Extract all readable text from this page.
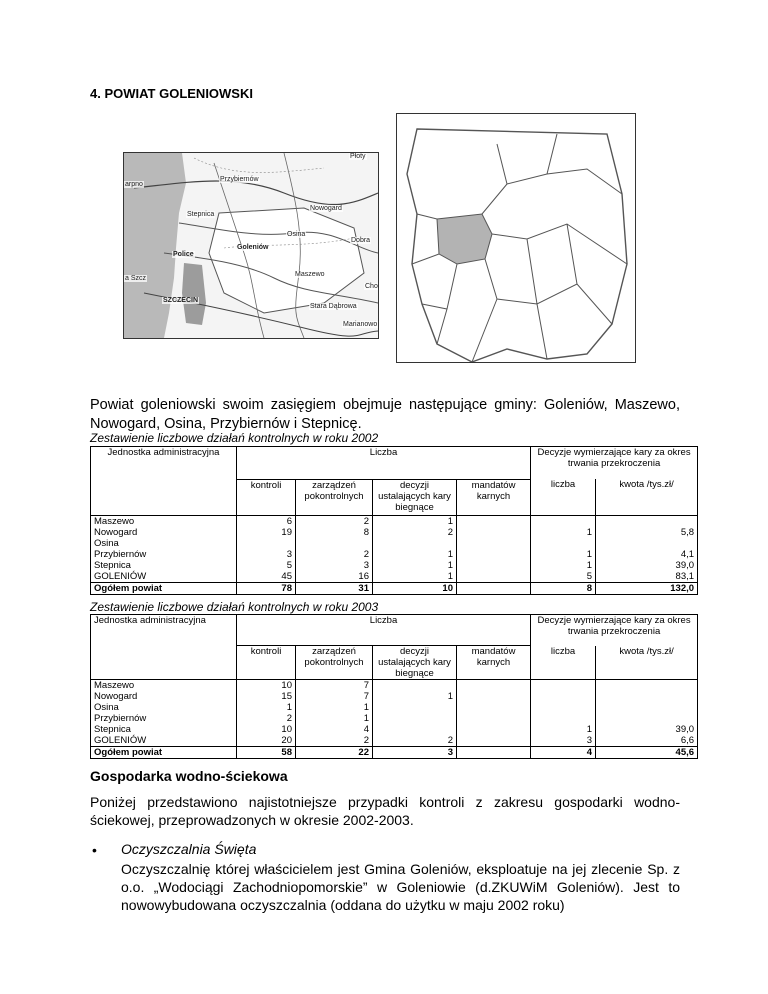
4. POWIAT GOLENIOWSKI
Płoty
Przybiernów
arpno
Nowogard
Stepnica
Osina
Dobra
Goleniów
Police
Maszewo
a Szcz
Cho
SZCZECIN
Stara Dąbrowa
Marianowo
Powiat goleniowski swoim zasięgiem obejmuje następujące gminy: Goleniów, Maszewo, Nowogard, Osina, Przybiernów i Stepnicę.
Zestawienie liczbowe działań kontrolnych w roku 2002
Jednostka administracyjna	Liczba				Decyzje wymierzające kary za okres trwania przekroczenia	
	kontroli	zarządzeń pokontrolnych	decyzji ustalających kary biegnące	mandatów karnych	liczba	kwota /tys.zł/
Maszewo	6	2	1			
Nowogard	19	8	2		1	5,8
Osina						
Przybiernów	3	2	1		1	4,1
Stepnica	5	3	1		1	39,0
GOLENIÓW	45	16	1		5	83,1
Ogółem powiat	78	31	10		8	132,0
Zestawienie liczbowe działań kontrolnych w roku 2003
Jednostka administracyjna	Liczba				Decyzje wymierzające kary za okres trwania przekroczenia	
	kontroli	zarządzeń pokontrolnych	decyzji ustalających kary biegnące	mandatów karnych	liczba	kwota /tys.zł/
Maszewo	10	7				
Nowogard	15	7	1			
Osina	1	1				
Przybiernów	2	1				
Stepnica	10	4			1	39,0
GOLENIÓW	20	2	2		3	6,6
Ogółem powiat	58	22	3		4	45,6
Gospodarka wodno-ściekowa
Poniżej przedstawiono najistotniejsze przypadki kontroli z zakresu gospodarki wodno-ściekowej, przeprowadzonych w okresie 2002-2003.
• Oczyszczalnia Święta
Oczyszczalnię której właścicielem jest Gmina Goleniów, eksploatuje na jej zlecenie Sp. z o.o. „Wodociągi Zachodniopomorskie” w Goleniowie (d.ZKUWiM Goleniów). Jest to nowowybudowana oczyszczalnia (oddana do użytku w maju 2002 roku)
